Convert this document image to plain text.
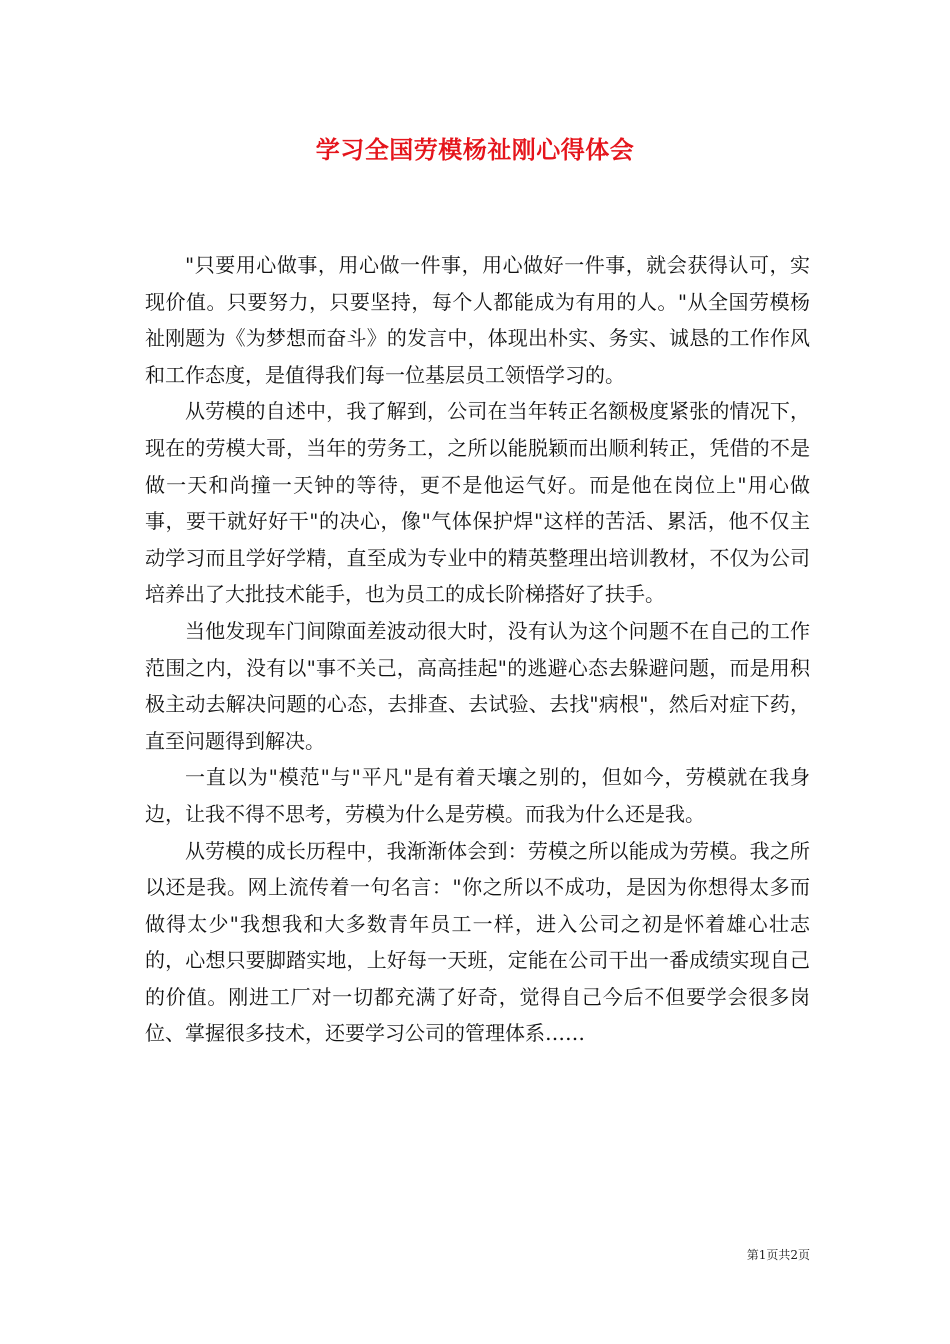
学习全国劳模杨祉刚心得体会

"只要用心做事，用心做一件事，用心做好一件事，就会获得认可，实现价值。只要努力，只要坚持，每个人都能成为有用的人。"从全国劳模杨祉刚题为《为梦想而奋斗》的发言中，体现出朴实、务实、诚恳的工作作风和工作态度，是值得我们每一位基层员工领悟学习的。

从劳模的自述中，我了解到，公司在当年转正名额极度紧张的情况下，现在的劳模大哥，当年的劳务工，之所以能脱颖而出顺利转正，凭借的不是做一天和尚撞一天钟的等待，更不是他运气好。而是他在岗位上"用心做事，要干就好好干"的决心，像"气体保护焊"这样的苦活、累活，他不仅主动学习而且学好学精，直至成为专业中的精英整理出培训教材，不仅为公司培养出了大批技术能手，也为员工的成长阶梯搭好了扶手。

当他发现车门间隙面差波动很大时，没有认为这个问题不在自己的工作范围之内，没有以"事不关己，高高挂起"的逃避心态去躲避问题，而是用积极主动去解决问题的心态，去排查、去试验、去找"病根"，然后对症下药，直至问题得到解决。

一直以为"模范"与"平凡"是有着天壤之别的，但如今，劳模就在我身边，让我不得不思考，劳模为什么是劳模。而我为什么还是我。

从劳模的成长历程中，我渐渐体会到：劳模之所以能成为劳模。我之所以还是我。网上流传着一句名言："你之所以不成功，是因为你想得太多而做得太少"我想我和大多数青年员工一样，进入公司之初是怀着雄心壮志的，心想只要脚踏实地，上好每一天班，定能在公司干出一番成绩实现自己的价值。刚进工厂对一切都充满了好奇，觉得自己今后不但要学会很多岗位、掌握很多技术，还要学习公司的管理体系……

第1页共2页
